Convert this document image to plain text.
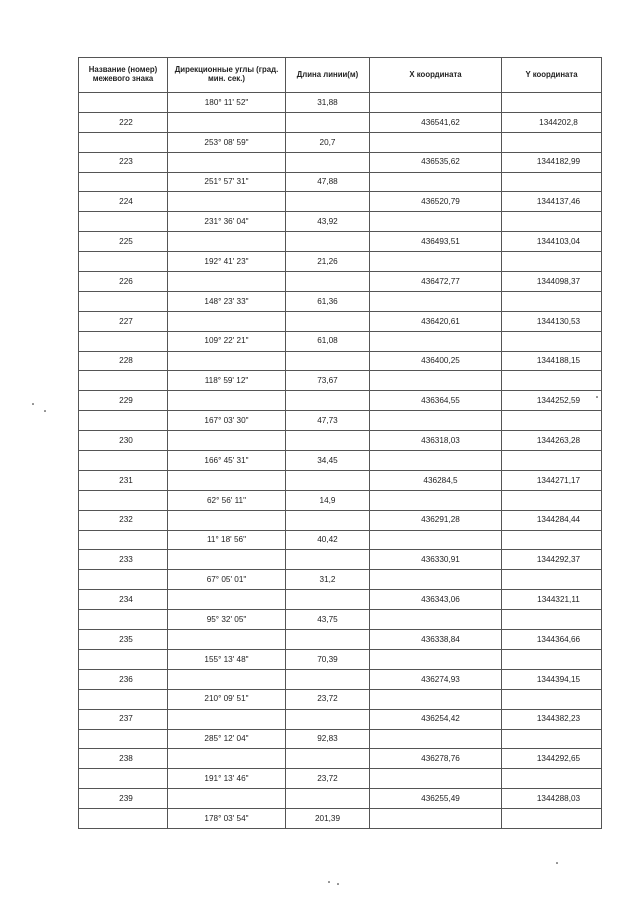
Название (номер) межевого знака	Дирекционные углы (град. мин. сек.)	Длина линии(м)	X координата	Y координата
	180° 11' 52"	31,88		
222			436541,62	1344202,8
	253° 08' 59"	20,7		
223			436535,62	1344182,99
	251° 57' 31"	47,88		
224			436520,79	1344137,46
	231° 36' 04"	43,92		
225			436493,51	1344103,04
	192° 41' 23"	21,26		
226			436472,77	1344098,37
	148° 23' 33"	61,36		
227			436420,61	1344130,53
	109° 22' 21"	61,08		
228			436400,25	1344188,15
	118° 59' 12"	73,67		
229			436364,55	1344252,59
	167° 03' 30"	47,73		
230			436318,03	1344263,28
	166° 45' 31"	34,45		
231			436284,5	1344271,17
	62° 56' 11"	14,9		
232			436291,28	1344284,44
	11° 18' 56"	40,42		
233			436330,91	1344292,37
	67° 05' 01"	31,2		
234			436343,06	1344321,11
	95° 32' 05"	43,75		
235			436338,84	1344364,66
	155° 13' 48"	70,39		
236			436274,93	1344394,15
	210° 09' 51"	23,72		
237			436254,42	1344382,23
	285° 12' 04"	92,83		
238			436278,76	1344292,65
	191° 13' 46"	23,72		
239			436255,49	1344288,03
	178° 03' 54"	201,39		
